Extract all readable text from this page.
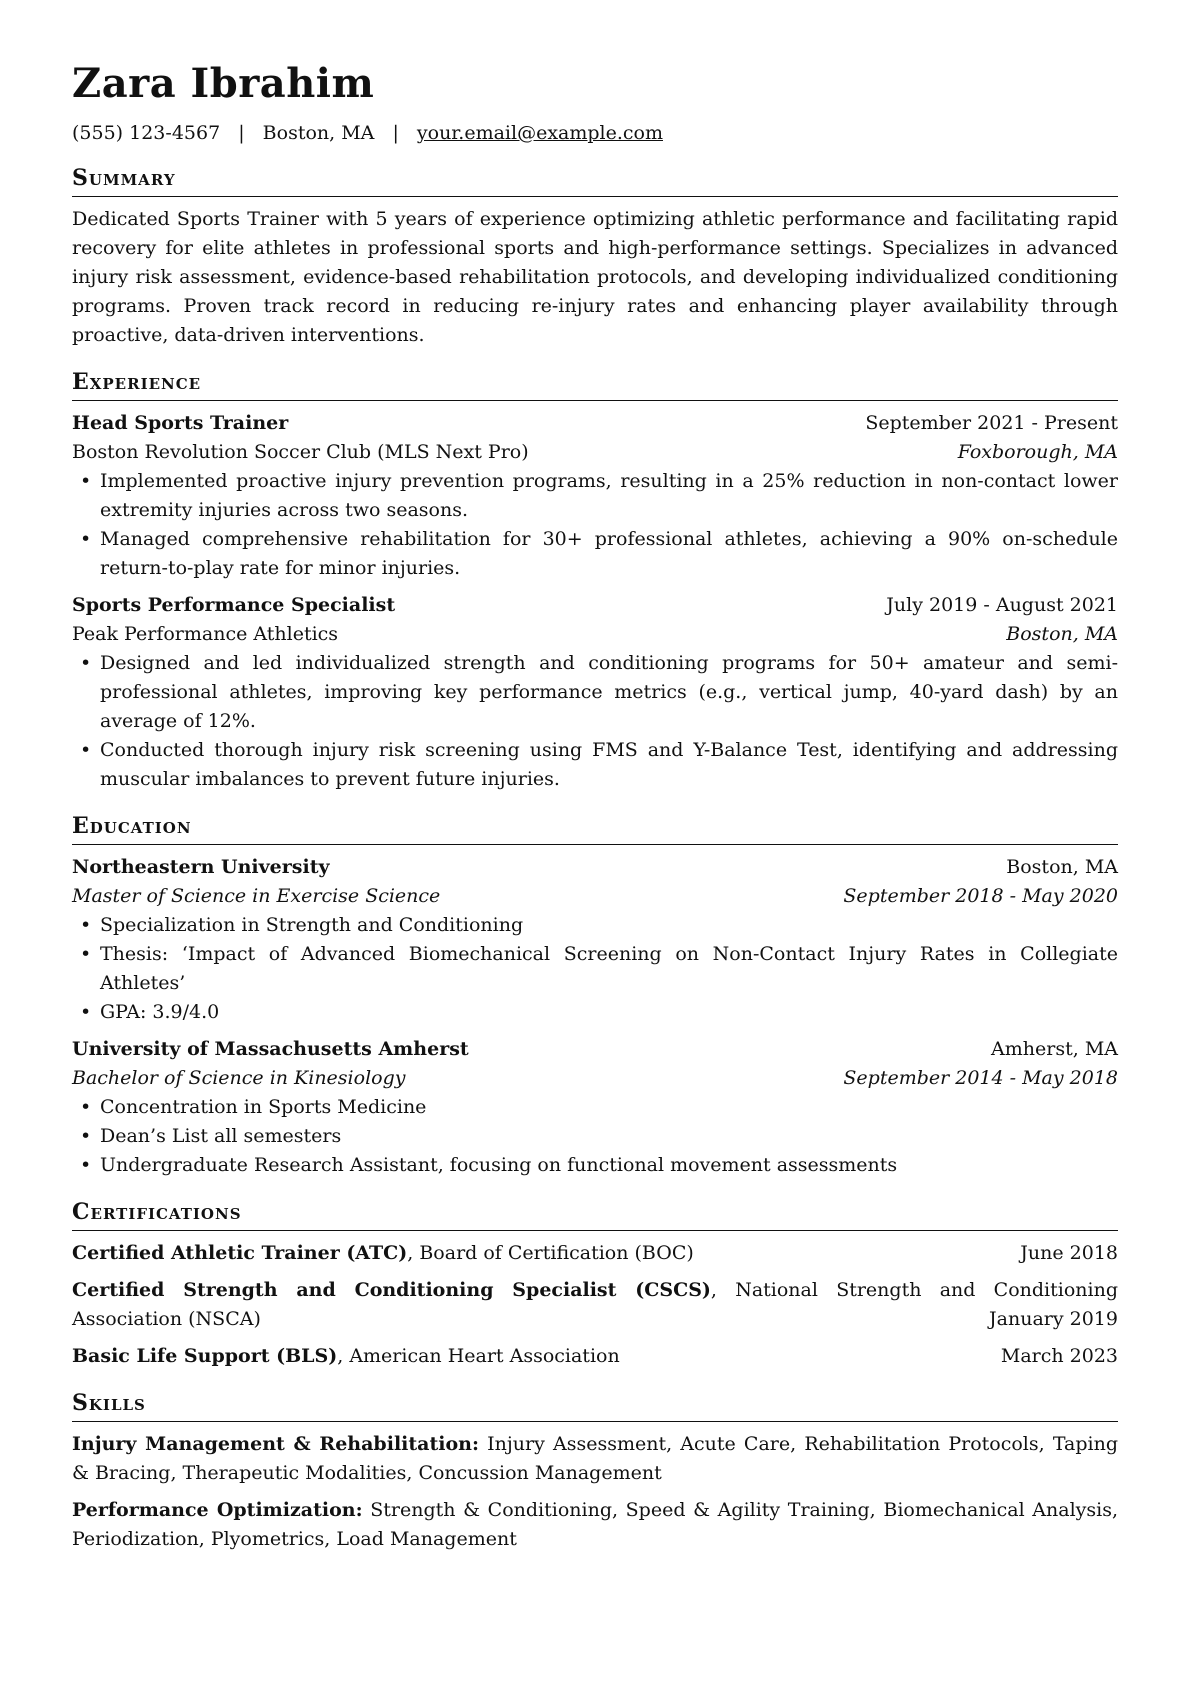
Zara Ibrahim
(555) 123-4567 | Boston, MA | your.email@example.com
Summary
Dedicated Sports Trainer with 5 years of experience optimizing athletic performance and facilitating rapid recovery for elite athletes in professional sports and high-performance settings. Specializes in advanced injury risk assessment, evidence-based rehabilitation protocols, and developing individualized conditioning programs. Proven track record in reducing re-injury rates and enhancing player availability through proactive, data-driven interventions.
Experience
Head Sports Trainer	September 2021 - Present
Boston Revolution Soccer Club (MLS Next Pro)	Foxborough, MA
• Implemented proactive injury prevention programs, resulting in a 25% reduction in non-contact lower extremity injuries across two seasons.
• Managed comprehensive rehabilitation for 30+ professional athletes, achieving a 90% on-schedule return-to-play rate for minor injuries.
Sports Performance Specialist	July 2019 - August 2021
Peak Performance Athletics	Boston, MA
• Designed and led individualized strength and conditioning programs for 50+ amateur and semi-professional athletes, improving key performance metrics (e.g., vertical jump, 40-yard dash) by an average of 12%.
• Conducted thorough injury risk screening using FMS and Y-Balance Test, identifying and addressing muscular imbalances to prevent future injuries.
Education
Northeastern University	Boston, MA
Master of Science in Exercise Science	September 2018 - May 2020
• Specialization in Strength and Conditioning
• Thesis: ‘Impact of Advanced Biomechanical Screening on Non-Contact Injury Rates in Collegiate Athletes’
• GPA: 3.9/4.0
University of Massachusetts Amherst	Amherst, MA
Bachelor of Science in Kinesiology	September 2014 - May 2018
• Concentration in Sports Medicine
• Dean’s List all semesters
• Undergraduate Research Assistant, focusing on functional movement assessments
Certifications
Certified Athletic Trainer (ATC), Board of Certification (BOC)	June 2018
Certified Strength and Conditioning Specialist (CSCS), National Strength and Conditioning Association (NSCA)	January 2019
Basic Life Support (BLS), American Heart Association	March 2023
Skills
Injury Management & Rehabilitation: Injury Assessment, Acute Care, Rehabilitation Protocols, Taping & Bracing, Therapeutic Modalities, Concussion Management
Performance Optimization: Strength & Conditioning, Speed & Agility Training, Biomechanical Analysis, Periodization, Plyometrics, Load Management
